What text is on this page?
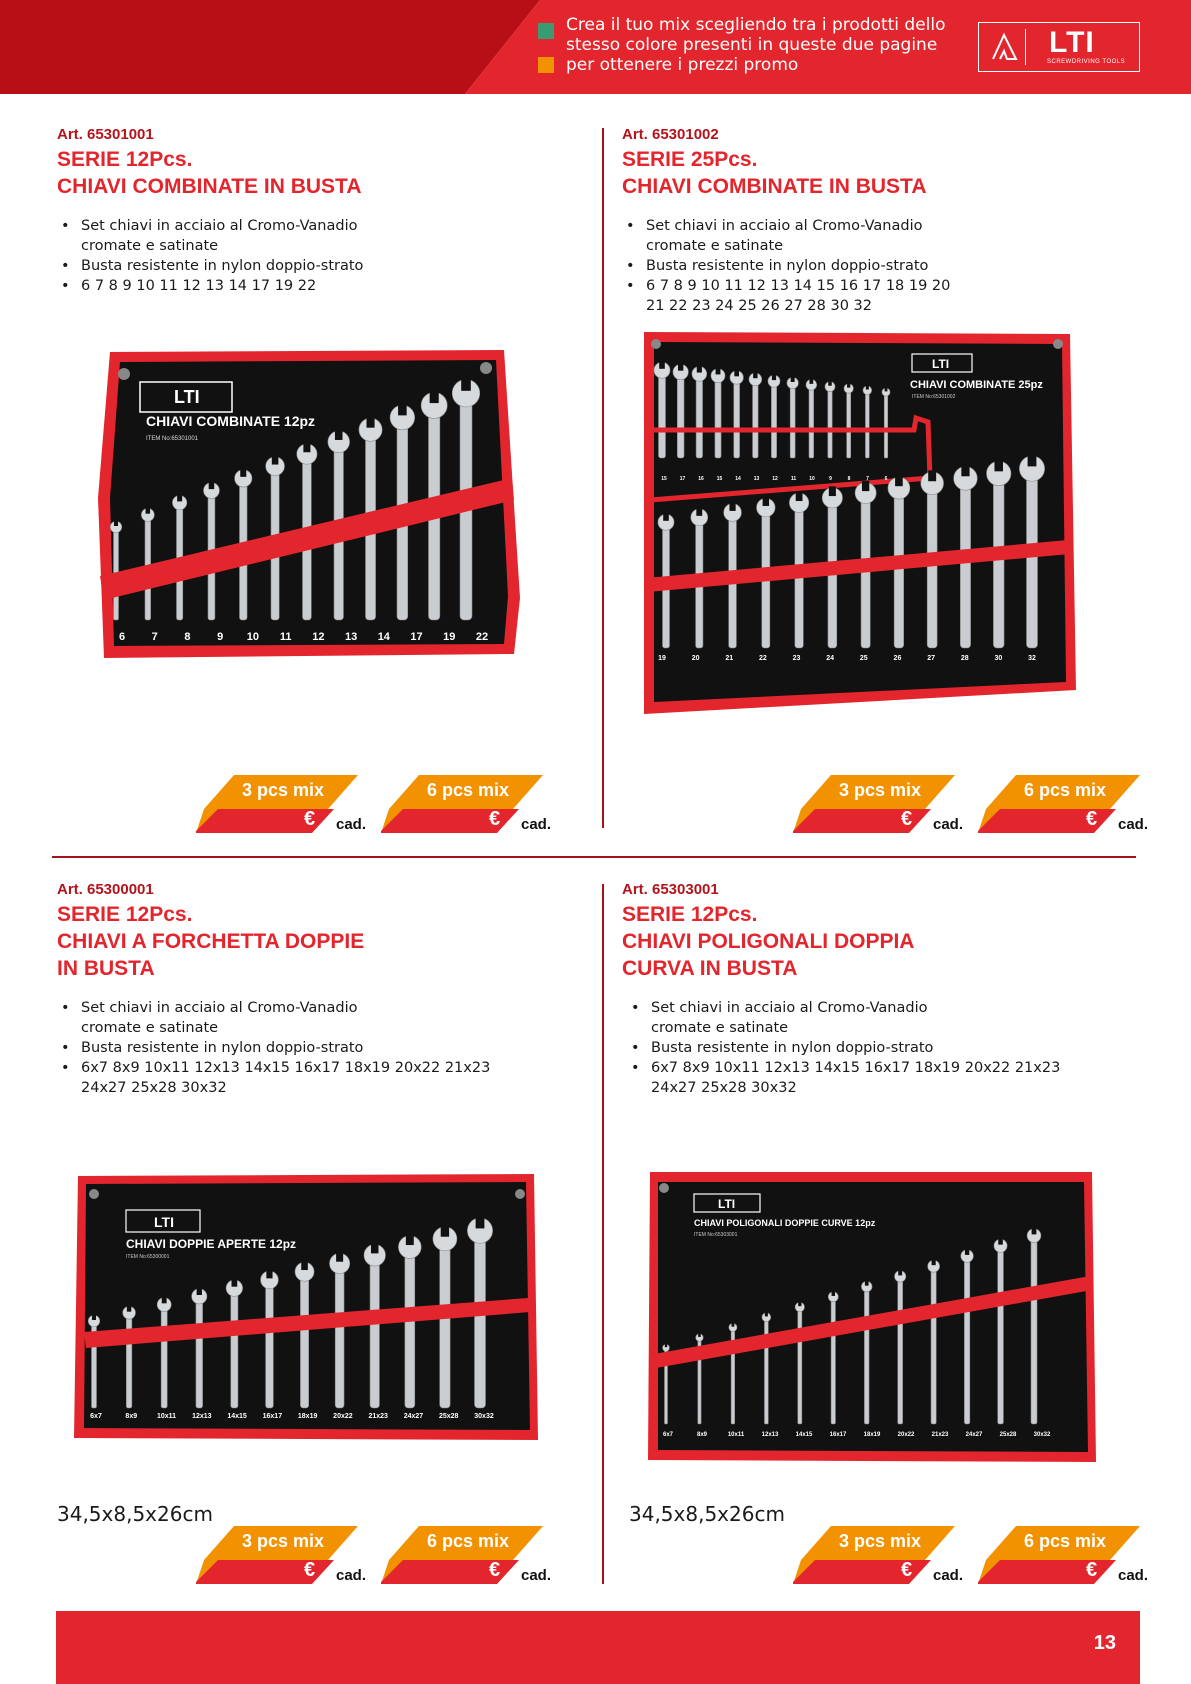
Crea il tuo mix scegliendo tra i prodotti dello
stesso colore presenti in queste due pagine
per ottenere i prezzi promo
LTI
SCREWDRIVING TOOLS
Art. 65301001
SERIE 12Pcs.
CHIAVI COMBINATE IN BUSTA
• Set chiavi in acciaio al Cromo-Vanadio cromate e satinate
• Busta resistente in nylon doppio-strato
• 6 7 8 9 10 11 12 13 14 17 19 22
LTI
CHIAVI COMBINATE 12pz
ITEM No:65301001
6 7 8 9 10 11 12 13 14 17 19 22
Art. 65301002
SERIE 25Pcs.
CHIAVI COMBINATE IN BUSTA
• Set chiavi in acciaio al Cromo-Vanadio cromate e satinate
• Busta resistente in nylon doppio-strato
• 6 7 8 9 10 11 12 13 14 15 16 17 18 19 20 21 22 23 24 25 26 27 28 30 32
LTI
CHIAVI COMBINATE 25pz
ITEM No:65301002
15	17	16	15	14	13	12	11	10	9	8	7	6
19	20	21	22	23	24	25	26	27	28	30	32
Art. 65300001
SERIE 12Pcs.
CHIAVI A FORCHETTA DOPPIE
IN BUSTA
• Set chiavi in acciaio al Cromo-Vanadio cromate e satinate
• Busta resistente in nylon doppio-strato
• 6x7 8x9 10x11 12x13 14x15 16x17 18x19 20x22 21x23 24x27 25x28 30x32
LTI
CHIAVI DOPPIE APERTE 12pz
ITEM No:65300001
6x7	8x9	10x11 12x13 14x15 16x17 18x19 20x22 21x23 24x27 25x28 30x32
34,5x8,5x26cm
Art. 65303001
SERIE 12Pcs.
CHIAVI POLIGONALI DOPPIA
CURVA IN BUSTA
• Set chiavi in acciaio al Cromo-Vanadio cromate e satinate
• Busta resistente in nylon doppio-strato
• 6x7 8x9 10x11 12x13 14x15 16x17 18x19 20x22 21x23 24x27 25x28 30x32
LTI
CHIAVI POLIGONALI DOPPIE CURVE 12pz
ITEM No:65303001
6x7	8x9	10x11	12x13	14x15	16x17	18x19	20x22	21x23	24x27	25x28	30x32
34,5x8,5x26cm
3 pcs mix
€ cad.
6 pcs mix
€ cad.
3 pcs mix
€ cad.
6 pcs mix
€ cad.
3 pcs mix
€ cad.
6 pcs mix
€ cad.
3 pcs mix
€ cad.
6 pcs mix
€ cad.
13
